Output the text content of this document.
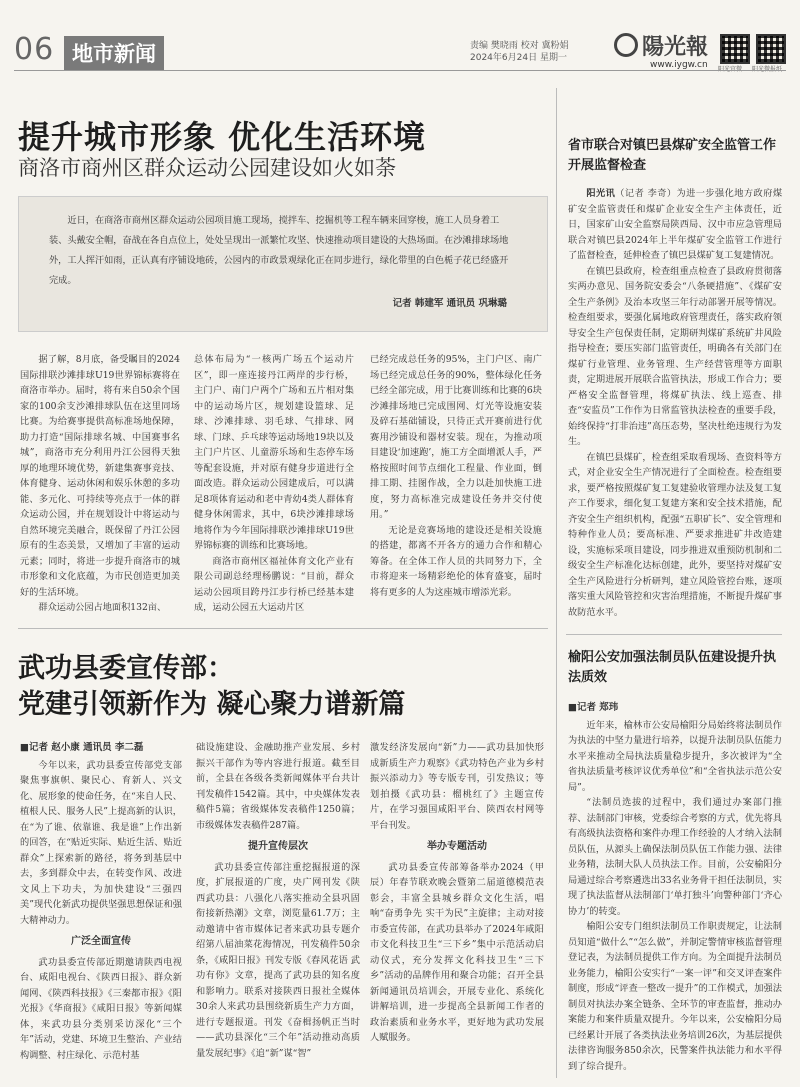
06 地市新闻	责编 樊晓雨 校对 冀粉娟
2024年6月24日 星期一	陽光報
www.iygw.cn
提升城市形象 优化生活环境
商洛市商州区群众运动公园建设如火如荼

近日，在商洛市商州区群众运动公园项目施工现场，搅拌车、挖掘机等工程车辆来回穿梭，施工人员身着工装、头戴安全帽，奋战在各自点位上，处处呈现出一派繁忙攻坚、快速推动项目建设的大热场面。在沙滩排球场地外，工人挥汗如雨，正认真有序铺设地砖，公园内的市政景观绿化正在同步进行，绿化带里的白色栀子花已经盛开完成。

记者 韩建军 通讯员 巩琳璐

据了解，8月底，备受瞩目的2024国际排联沙滩排球U19世界锦标赛将在商洛市举办。届时，将有来自50余个国家的100余支沙滩排球队伍在这里同场比赛。为给赛事提供高标准场地保障，助力打造“国际排球名城、中国赛事名城”，商洛市充分利用丹江公园得天独厚的地理环境优势，新建集赛事竞技、体育健身、运动休闲和娱乐休憩的多功能、多元化、可持续等亮点于一体的群众运动公园，并在规划设计中将运动与自然环境完美融合，既保留了丹江公园原有的生态美景，又增加了丰富的运动元素；同时，将进一步提升商洛市的城市形象和文化底蕴，为市民创造更加美好的生活环境。

群众运动公园占地面积132亩、

总体布局为“一核两广场五个运动片区”，即一座连接丹江两岸的步行桥，主门户、南门户两个广场和五片相对集中的运动场片区，规划建设篮球、足球、沙滩排球、羽毛球、气排球、网球、门球、乒乓球等运动场地19块以及主门户片区、儿童游乐场和生态停车场等配套设施，并对原有健身步道进行全面改造。群众运动公园建成后，可以满足8项体育运动和老中青幼4类人群体育健身休闲需求，其中，6块沙滩排球场地将作为今年国际排联沙滩排球U19世界锦标赛的训练和比赛场地。

商洛市商州区福祉体育文化产业有限公司副总经理杨鹏说：“目前，群众运动公园项目跨丹江步行桥已经基本建成，运动公园五大运动片区

已经完成总任务的95%，主门户区、南广场已经完成总任务的90%，整体绿化任务已经全部完成，用于比赛训练和比赛的6块沙滩排场地已完成围网、灯光等设施安装及碎石基础铺设，只待正式开赛前进行优赛用沙铺设和器材安装。现在，为推动项目建设‘加速跑’，施工方全面增派人手，严格按照时间节点细化工程量、作业面，倒排工期、挂图作战，全力以赴加快施工进度，努力高标准完成建设任务并交付使用。”

无论是竞赛场地的建设还是相关设施的搭建，都离不开各方的通力合作和精心筹备。在全体工作人员的共同努力下，全市将迎来一场精彩绝伦的体育盛宴，届时将有更多的人为这座城市增添光彩。

武功县委宣传部：
党建引领新作为 凝心聚力谱新篇
■记者 赵小康 通讯员 李二磊

今年以来，武功县委宣传部党支部聚焦事旗帜、聚民心、育新人、兴文化、展形象的使命任务，在“来自人民、植根人民、服务人民”上提高新的认识，在“为了谁、依靠谁、我是谁”上作出新的回答，在“贴近实际、贴近生活、贴近群众”上探索新的路径，将务到基层中去，多到群众中去，在转变作风、改进文风上下功夫，为加快建设“三强四美”现代化新武功提供坚强思想保证和强大精神动力。

广泛全面宣传

武功县委宣传部近期邀请陕西电视台、咸阳电视台、《陕西日报》、群众新闻网、《陕西科技报》《三秦都市报》《阳光报》《华商报》《咸阳日报》等新闻媒体，来武功县分类别采访深化“三个年”活动，党建、环境卫生整治、产业结构调整、村庄绿化、示范村基

础设施建设、金融助推产业发展、乡村振兴干部作为等内容进行报道。截至目前，全县在各级各类新闻媒体平台共计刊发稿件1542篇。其中，中央媒体发表稿件5篇；省级媒体发表稿件1250篇；市级媒体发表稿件287篇。

提升宣传层次

武功县委宣传部注重挖掘报道的深度，扩展报道的广度，央广网刊发《陕西武功县：八强化八落实推动全县巩固衔接新热潮》文章，浏览量61.7万；主动邀请中省市媒体记者来武功县专题介绍第八届油菜花海情况，刊发稿件50余条，《咸阳日报》刊发专版《春风花语 武功有你》文章，提高了武功县的知名度和影响力。联系对接陕西日报社全媒体30余人来武功县围绕新质生产力方面，进行专题报道。刊发《奋楫扬帆正当时——武功县深化“三个年”活动推动高质量发展纪事》《追“新”谋“智”

激发经济发展向“新”力——武功县加快形成新质生产力观察》《武功特色产业为乡村振兴添动力》等专版专刊，引发热议；等划拍摄《武功县：榴桃红了》主题宣传片，在学习强国咸阳平台、陕西农村网等平台刊发。

举办专题活动

武功县委宣传部筹备举办2024（甲辰）年春节联欢晚会暨第二届道德模范表彰会，丰富全县城乡群众文化生活，唱响“奋勇争先 实干为民”主旋律；主动对接市委宣传部，在武功县举办了2024年咸阳市文化科技卫生“三下乡”集中示范活动启动仪式，充分发挥文化科技卫生“三下乡”活动的品牌作用和聚合功能；召开全县新闻通讯员培训会，开展专业化、系统化讲解培训，进一步提高全县新闻工作者的政治素质和业务水平，更好地为武功发展人赋服务。

省市联合对镇巴县煤矿安全监管工作开展监督检查

阳光讯（记者 李奇）为进一步强化地方政府煤矿安全监管责任和煤矿企业安全生产主体责任，近日，国家矿山安全监察局陕西局、汉中市应急管理局联合对镇巴县2024年上半年煤矿安全监管工作进行了监督检查，延伸检查了镇巴县煤矿复工复建情况。

在镇巴县政府，检查组重点检查了县政府贯彻落实两办意见、国务院安委会“八条硬措施”、《煤矿安全生产条例》及治本攻坚三年行动部署开展等情况。检查组要求，要强化属地政府管理责任，落实政府领导安全生产包保责任制，定期研判煤矿系统矿井风险指导检查；要压实部门监管责任，明确各有关部门在煤矿行业管理、业务管理、生产经营管理等方面职责，定期进展开展联合监管执法，形成工作合力；要严格安全监督管理，将煤矿执法、线上巡查、排查“安监员”工作作为日常监管执法检查的重要手段，始终保持“打非治违”高压态势，坚决杜绝违规行为发生。

在镇巴县煤矿，检查组采取看现场、查资料等方式，对企业安全生产情况进行了全面检查。检查组要求，要严格按照煤矿复工复建验收管理办法及复工复产工作要求，细化复工复建方案和安全技术措施，配齐安全生产组织机构，配强“五职矿长”、安全管理和特种作业人员；要高标准、严要求推进矿井改造建设，实施标采项目建设，同步推进双重预防机制和二级安全生产标准化达标创建，此外，要坚持对煤矿安全生产风险进行分析研判，建立风险管控台账，逐项落实重大风险管控和灾害治理措施，不断提升煤矿事故防范水平。

榆阳公安加强法制员队伍建设提升执法质效
■记者 郑玮

近年来，榆林市公安局榆阳分局始终将法制员作为执法的中坚力量进行培养，以提升法制员队伍能力水平来推动全局执法质量稳步提升，多次被评为“全省执法质量考核评议优秀单位”和“全省执法示范公安局”。

“法制员选拔的过程中，我们通过办案部门推荐、法制部门审核，党委综合考察的方式，优先将具有高级执法资格和案件办理工作经验的人才纳入法制员队伍，从源头上确保法制员队伍工作能力强、法律业务精，法制大队人员执法工作。目前，公安榆阳分局通过综合考察遴选出33名业务骨干担任法制员，实现了执法监督从法制部门‘单打独斗’向警种部门‘齐心协力’的转变。

榆阳公安专门组织法制员工作职责规定，让法制员知道“做什么”“怎么做”，并制定警情审核监督管理登记表，为法制员提供工作方向。为全面提升法制员业务能力，榆阳公安实行“一案一评”和交叉评查案件制度，形成“评查一整改一提升”的工作模式，加强法制员对执法办案全链条、全环节的审查监督，推动办案能力和案件质量双提升。今年以来，公安榆阳分局已经累计开展了各类执法业务培训26次，为基层提供法律咨询服务850余次，民警案件执法能力和水平得到了综合提升。
